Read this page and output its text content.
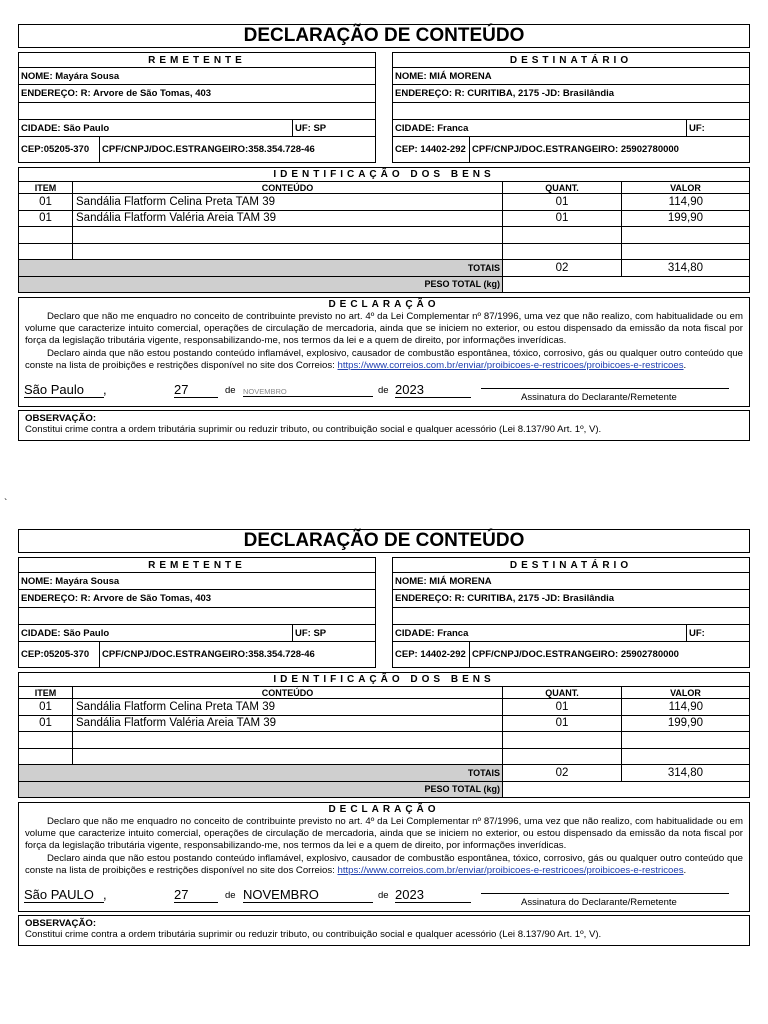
DECLARAÇÃO DE CONTEÚDO
REMETENTE
NOME: Mayára Sousa
ENDEREÇO: R: Arvore de São Tomas, 403
CIDADE: São Paulo	UF: SP
CEP:05205-370	CPF/CNPJ/DOC.ESTRANGEIRO:358.354.728-46
DESTINATÁRIO
NOME: MIÁ MORENA
ENDEREÇO: R: CURITIBA, 2175 -JD: Brasilândia
CIDADE: Franca	UF:
CEP: 14402-292 CPF/CNPJ/DOC.ESTRANGEIRO: 25902780000
IDENTIFICAÇÃO DOS BENS
ITEM	CONTEÚDO	QUANT.	VALOR
01	Sandália Flatform Celina Preta TAM 39	01	114,90
01	Sandália Flatform Valéria Areia TAM 39	01	199,90

TOTAIS		02	314,80
PESO TOTAL (kg)			
DECLARAÇÃO

Declaro que não me enquadro no conceito de contribuinte previsto no art. 4º da Lei Complementar nº 87/1996, uma vez que não realizo, com habitualidade ou em volume que caracterize intuito comercial, operações de circulação de mercadoria, ainda que se iniciem no exterior, ou estou dispensado da emissão da nota fiscal por força da legislação tributária vigente, responsabilizando-me, nos termos da lei e a quem de direito, por informações inverídicas.

Declaro ainda que não estou postando conteúdo inflamável, explosivo, causador de combustão espontânea, tóxico, corrosivo, gás ou qualquer outro conteúdo que conste na lista de proibições e restrições disponível no site dos Correios: https://www.correios.com.br/enviar/proibicoes-e-restricoes/proibicoes-e-restricoes.

São Paulo	,	27	de NOVEMBRO	de 2023
Assinatura do Declarante/Remetente
OBSERVAÇÃO:
Constitui crime contra a ordem tributária suprimir ou reduzir tributo, ou contribuição social e qualquer acessório (Lei 8.137/90 Art. 1º, V).
DECLARAÇÃO DE CONTEÚDO
REMETENTE
NOME: Mayára Sousa
ENDEREÇO: R: Arvore de São Tomas, 403
CIDADE: São Paulo	UF: SP
CEP:05205-370	CPF/CNPJ/DOC.ESTRANGEIRO:358.354.728-46
DESTINATÁRIO
NOME: MIÁ MORENA
ENDEREÇO: R: CURITIBA, 2175 -JD: Brasilândia
CIDADE: Franca	UF:
CEP: 14402-292 CPF/CNPJ/DOC.ESTRANGEIRO: 25902780000
IDENTIFICAÇÃO DOS BENS
ITEM	CONTEÚDO	QUANT.	VALOR
01	Sandália Flatform Celina Preta TAM 39	01	114,90
01	Sandália Flatform Valéria Areia TAM 39	01	199,90

TOTAIS		02	314,80
PESO TOTAL (kg)			
DECLARAÇÃO

Declaro que não me enquadro no conceito de contribuinte previsto no art. 4º da Lei Complementar nº 87/1996, uma vez que não realizo, com habitualidade ou em volume que caracterize intuito comercial, operações de circulação de mercadoria, ainda que se iniciem no exterior, ou estou dispensado da emissão da nota fiscal por força da legislação tributária vigente, responsabilizando-me, nos termos da lei e a quem de direito, por informações inverídicas.

Declaro ainda que não estou postando conteúdo inflamável, explosivo, causador de combustão espontânea, tóxico, corrosivo, gás ou qualquer outro conteúdo que conste na lista de proibições e restrições disponível no site dos Correios: https://www.correios.com.br/enviar/proibicoes-e-restricoes/proibicoes-e-restricoes.

São PAULO ,	27	de NOVEMBRO	de 2023
Assinatura do Declarante/Remetente
OBSERVAÇÃO:
Constitui crime contra a ordem tributária suprimir ou reduzir tributo, ou contribuição social e qualquer acessório (Lei 8.137/90 Art. 1º, V).
`
